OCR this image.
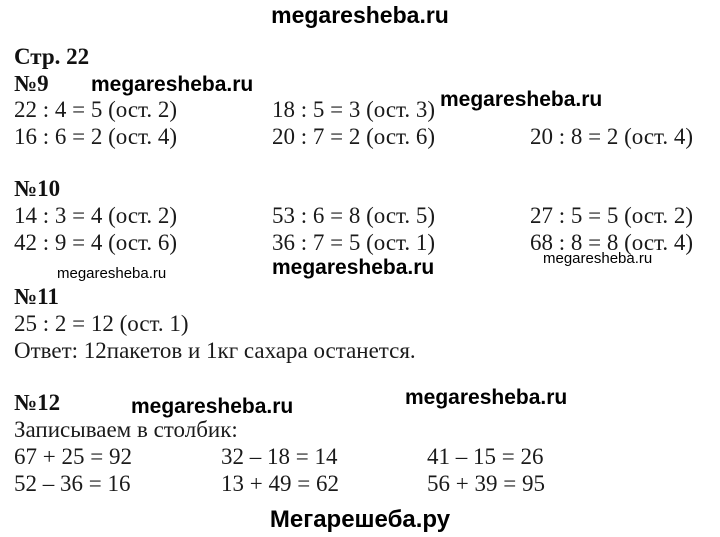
megaresheba.ru
Стр. 22
№9 megaresheba.ru
22 : 4 = 5 (ост. 2)	18 : 5 = 3 (ост. 3) megaresheba.ru
16 : 6 = 2 (ост. 4)	20 : 7 = 2 (ост. 6)	20 : 8 = 2 (ост. 4)
№10
14 : 3 = 4 (ост. 2)	53 : 6 = 8 (ост. 5)	27 : 5 = 5 (ост. 2)
42 : 9 = 4 (ост. 6)	36 : 7 = 5 (ост. 1)	68 : 8 = 8 (ост. 4)
megaresheba.ru	megaresheba.ru	megaresheba.ru
№11
25 : 2 = 12 (ост. 1)
Ответ: 12пакетов и 1кг сахара останется.
№12	megaresheba.ru	megaresheba.ru
Записываем в столбик:
67 + 25 = 92	32 – 18 = 14	41 – 15 = 26
52 – 36 = 16	13 + 49 = 62	56 + 39 = 95
Мегарешеба.ру
